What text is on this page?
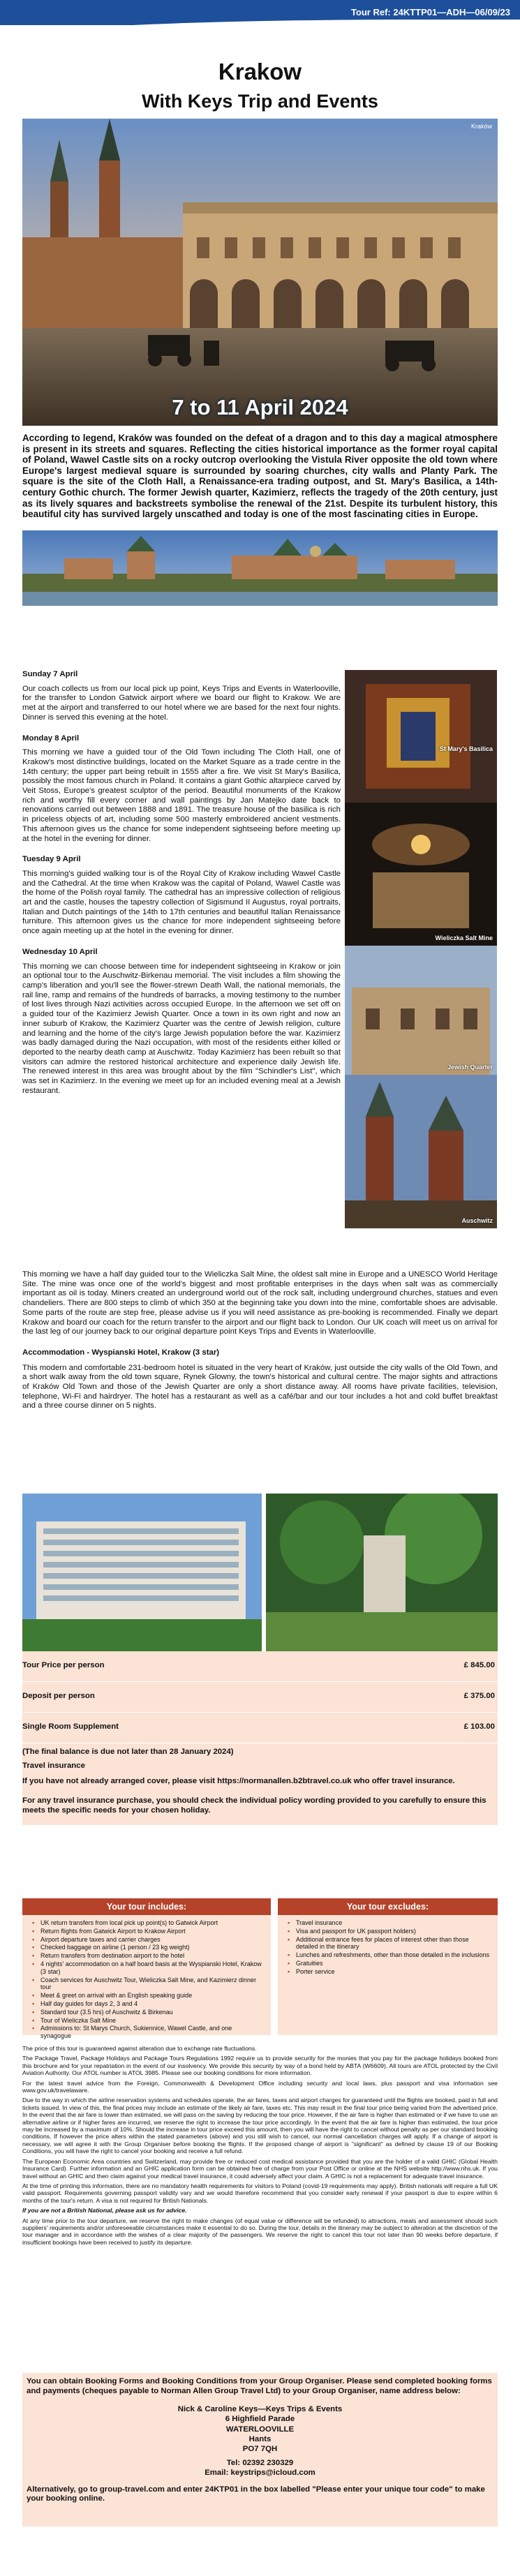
Tour Ref: 24KTTP01—ADH—06/09/23
Krakow
With Keys Trip and Events
Kraków
7 to 11 April 2024
According to legend, Kraków was founded on the defeat of a dragon and to this day a magical atmosphere is present in its streets and squares. Reflecting the cities historical importance as the former royal capital of Poland, Wawel Castle sits on a rocky outcrop overlooking the Vistula River opposite the old town where Europe's largest medieval square is surrounded by soaring churches, city walls and Planty Park. The square is the site of the Cloth Hall, a Renaissance-era trading outpost, and St. Mary's Basilica, a 14th-century Gothic church. The former Jewish quarter, Kazimierz, reflects the tragedy of the 20th century, just as its lively squares and backstreets symbolise the renewal of the 21st. Despite its turbulent history, this beautiful city has survived largely unscathed and today is one of the most fascinating cities in Europe.
Sunday 7 April

Our coach collects us from our local pick up point, Keys Trips and Events in Waterlooville, for the transfer to London Gatwick airport where we board our flight to Krakow. We are met at the airport and transferred to our hotel where we are based for the next four nights. Dinner is served this evening at the hotel.

Monday 8 April

This morning we have a guided tour of the Old Town including The Cloth Hall, one of Krakow's most distinctive buildings, located on the Market Square as a trade centre in the 14th century; the upper part being rebuilt in 1555 after a fire. We visit St Mary's Basilica, possibly the most famous church in Poland. It contains a giant Gothic altarpiece carved by Veit Stoss, Europe's greatest sculptor of the period. Beautiful monuments of the Krakow rich and worthy fill every corner and wall paintings by Jan Matejko date back to renovations carried out between 1888 and 1891. The treasure house of the basilica is rich in priceless objects of art, including some 500 masterly embroidered ancient vestments. This afternoon gives us the chance for some independent sightseeing before meeting up at the hotel in the evening for dinner.

Tuesday 9 April

This morning's guided walking tour is of the Royal City of Krakow including Wawel Castle and the Cathedral. At the time when Krakow was the capital of Poland, Wawel Castle was the home of the Polish royal family. The cathedral has an impressive collection of religious art and the castle, houses the tapestry collection of Sigismund II Augustus, royal portraits, Italian and Dutch paintings of the 14th to 17th centuries and beautiful Italian Renaissance furniture. This afternoon gives us the chance for more independent sightseeing before once again meeting up at the hotel in the evening for dinner.

Wednesday 10 April

This morning we can choose between time for independent sightseeing in Krakow or join an optional tour to the Auschwitz-Birkenau memorial. The visit includes a film showing the camp's liberation and you'll see the flower-strewn Death Wall, the national memorials, the rail line, ramp and remains of the hundreds of barracks, a moving testimony to the number of lost lives through Nazi activities across occupied Europe. In the afternoon we set off on a guided tour of the Kazimierz Jewish Quarter. Once a town in its own right and now an inner suburb of Krakow, the Kazimierz Quarter was the centre of Jewish religion, culture and learning and the home of the city's large Jewish population before the war. Kazimierz was badly damaged during the Nazi occupation, with most of the residents either killed or deported to the nearby death camp at Auschwitz. Today Kazimierz has been rebuilt so that visitors can admire the restored historical architecture and experience daily Jewish life. The renewed interest in this area was brought about by the film "Schindler's List", which was set in Kazimierz. In the evening we meet up for an included evening meal at a Jewish restaurant.

St Mary's Basilica
Wieliczka Salt Mine
Jewish Quarter
Auschwitz

This morning we have a half day guided tour to the Wieliczka Salt Mine, the oldest salt mine in Europe and a UNESCO World Heritage Site. The mine was once one of the world's biggest and most profitable enterprises in the days when salt was as commercially important as oil is today. Miners created an underground world out of the rock salt, including underground churches, statues and even chandeliers. There are 800 steps to climb of which 350 at the beginning take you down into the mine, comfortable shoes are advisable. Some parts of the route are step free, please advise us if you will need assistance as pre-booking is recommended. Finally we depart Krakow and board our coach for the return transfer to the airport and our flight back to London. Our UK coach will meet us on arrival for the last leg of our journey back to our original departure point Keys Trips and Events in Waterlooville.

Accommodation - Wyspianski Hotel, Krakow (3 star)

This modern and comfortable 231-bedroom hotel is situated in the very heart of Kraków, just outside the city walls of the Old Town, and a short walk away from the old town square, Rynek Glowny, the town's historical and cultural centre. The major sights and attractions of Kraków Old Town and those of the Jewish Quarter are only a short distance away. All rooms have private facilities, television, telephone, Wi-Fi and hairdryer. The hotel has a restaurant as well as a café/bar and our tour includes a hot and cold buffet breakfast and a three course dinner on 5 nights.

Tour Price per person	£ 845.00
Deposit per person	£ 375.00
Single Room Supplement	£ 103.00
(The final balance is due not later than 28 January 2024)
Travel insurance

If you have not already arranged cover, please visit https://normanallen.b2btravel.co.uk who offer travel insurance.

For any travel insurance purchase, you should check the individual policy wording provided to you carefully to ensure this meets the specific needs for your chosen holiday.

Your tour includes:
▪ UK return transfers from local pick up point(s) to Gatwick Airport
▪ Return flights from Gatwick Airport to Krakow Airport
▪ Airport departure taxes and carrier charges
▪ Checked baggage on airline (1 person / 23 kg weight)
▪ Return transfers from destination airport to the hotel
▪ 4 nights' accommodation on a half board basis at the Wyspianski Hotel, Krakow (3 star)
▪ Coach services for Auschwitz Tour, Wieliczka Salt Mine, and Kazimierz dinner tour
▪ Meet & greet on arrival with an English speaking guide
▪ Half day guides for days 2, 3 and 4
▪ Standard tour (3.5 hrs) of Auschwitz & Birkenau
▪ Tour of Wieliczka Salt Mine
▪ Admissions to: St Marys Church, Sukiennice, Wawel Castle, and one synagogue
Your tour excludes:
▪ Travel insurance
▪ Visa and passport for UK passport holders)
▪ Additional entrance fees for places of interest other than those detailed in the itinerary
▪ Lunches and refreshments, other than those detailed in the inclusions
▪ Gratuities
▪ Porter service

The price of this tour is guaranteed against alteration due to exchange rate fluctuations.

The Package Travel, Package Holidays and Package Tours Regulations 1992 require us to provide security for the monies that you pay for the package holidays booked from this brochure and for your repatriation in the event of our insolvency. We provide this security by way of a bond held by ABTA (W6609). All tours are ATOL protected by the Civil Aviation Authority. Our ATOL number is ATOL 3985. Please see our booking conditions for more information.

For the latest travel advice from the Foreign, Commonwealth & Development Office including security and local laws, plus passport and visa information see www.gov.uk/travelaware.

Due to the way in which the airline reservation systems and schedules operate, the air fares, taxes and airport charges for guaranteed until the flights are booked, paid in full and tickets issued. In view of this, the final prices may include an estimate of the likely air fare, taxes etc. This may result in the final tour price being varied from the advertised price. In the event that the air fare is lower than estimated, we will pass on the saving by reducing the tour price. However, if the air fare is higher than estimated or if we have to use an alternative airline or if higher fares are incurred, we reserve the right to increase the tour price accordingly. In the event that the air fare is higher than estimated, the tour price may be increased by a maximum of 10%. Should the increase in tour price exceed this amount, then you will have the right to cancel without penalty as per our standard booking conditions. If however the price alters within the stated parameters (above) and you still wish to cancel, our normal cancellation charges will apply. If a change of airport is necessary, we will agree it with the Group Organiser before booking the flights. If the proposed change of airport is "significant" as defined by clause 19 of our Booking Conditions, you will have the right to cancel your booking and receive a full refund.

The European Economic Area countries and Switzerland, may provide free or reduced cost medical assistance provided that you are the holder of a valid GHIC (Global Health Insurance Card). Further information and an GHIC application form can be obtained free of charge from your Post Office or online at the NHS website http://www.nhs.uk. If you travel without an GHIC and then claim against your medical travel insurance, it could adversely affect your claim. A GHIC is not a replacement for adequate travel insurance.

At the time of printing this information, there are no mandatory health requirements for visitors to Poland (covid-19 requirements may apply). British nationals will require a full UK valid passport. Requirements governing passport validity vary and we would therefore recommend that you consider early renewal if your passport is due to expire within 6 months of the tour's return. A visa is not required for British Nationals.

If you are not a British National, please ask us for advice.

At any time prior to the tour departure, we reserve the right to make changes (of equal value or difference will be refunded) to attractions, meals and assessment should such suppliers' requirements and/or unforeseeable circumstances make it essential to do so. During the tour, details in the itinerary may be subject to alteration at the discretion of the tour manager and in accordance with the wishes of a clear majority of the passengers. We reserve the right to cancel this tour not later than 90 weeks before departure, if insufficient bookings have been received to justify its departure.

You can obtain Booking Forms and Booking Conditions from your Group Organiser. Please send completed booking forms and payments (cheques payable to Norman Allen Group Travel Ltd) to your Group Organiser, name address below:
Nick & Caroline Keys—Keys Trips & Events
6 Highfield Parade
WATERLOOVILLE
Hants
PO7 7QH
Tel: 02392 230329
Email: keystrips@icloud.com
Alternatively, go to group-travel.com and enter 24KTP01 in the box labelled "Please enter your unique tour code" to make your booking online.
